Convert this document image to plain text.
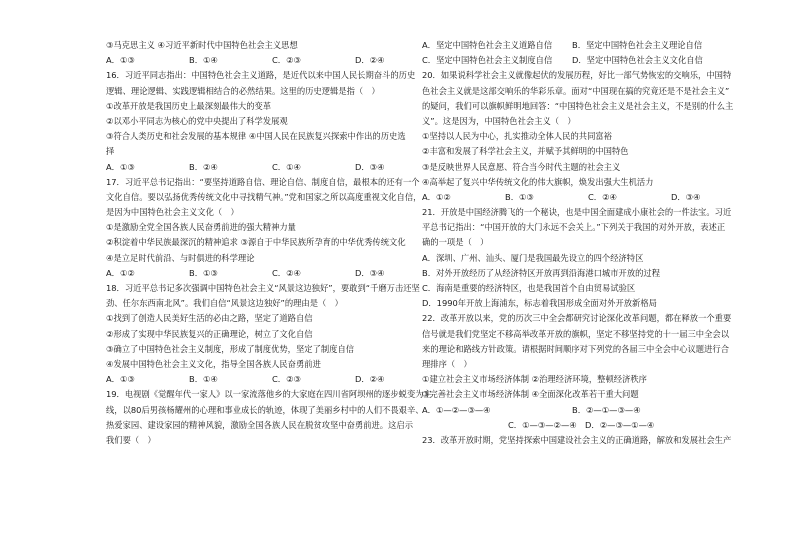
③马克思主义 ④习近平新时代中国特色社会主义思想
A．①③	B．①④	C．②③	D．②④
16．习近平同志指出：中国特色社会主义道路，是近代以来中国人民长期奋斗的历史
逻辑、理论逻辑、实践逻辑相结合的必然结果。这里的历史逻辑是指（　）
①改革开放是我国历史上最深刻最伟大的变革
②以邓小平同志为核心的党中央提出了科学发展观
③符合人类历史和社会发展的基本规律 ④中国人民在民族复兴探索中作出的历史选
择
A．①③	B．②④	C．①④	D．③④
17．习近平总书记指出：“要坚持道路自信、理论自信、制度自信，最根本的还有一个
文化自信。要以弘扬优秀传统文化中寻找精气神。”党和国家之所以高度重视文化自信，
是因为中国特色社会主义文化（　）
①是激励全党全国各族人民奋勇前进的强大精神力量
②积淀着中华民族最深沉的精神追求 ③源自于中华民族所孕育的中华优秀传统文化
④是立足时代前沿、与时俱进的科学理论
A．①②	B．①③	C．②④	D．③④
18．习近平总书记多次强调中国特色社会主义“风景这边独好”，要敢到“千磨万击还坚
劲、任尔东西南北风”。我们自信“风景这边独好”的理由是（　）
①找到了创造人民美好生活的必由之路，坚定了道路自信
②形成了实现中华民族复兴的正确理论，树立了文化自信
③确立了中国特色社会主义制度，形成了制度优势，坚定了制度自信
④发展中国特色社会主义文化，指导全国各族人民奋勇前进
A．①③	B．①④	C．②③	D．②④
19．电视剧《觉醒年代一家人》以一家流落他乡的大家庭在四川省阿坝州的逐步蜕变为主
线，以80后男孩杨耀州的心理和事业成长的轨迹，体现了美丽乡村中的人们不畏艰辛、
热爱家园、建设家园的精神风貌，激励全国各族人民在脱贫攻坚中奋勇前进。这启示
我们要（　）
A．坚定中国特色社会主义道路自信	B．坚定中国特色社会主义理论自信
C．坚定中国特色社会主义制度自信	D．坚定中国特色社会主义文化自信
20．如果说科学社会主义就像起伏的发展历程，好比一部气势恢宏的交响乐，中国特
色社会主义就是这部交响乐的华彩乐章。面对“中国现在搞的究竟还是不是社会主义”
的疑问，我们可以旗帜鲜明地回答：“中国特色社会主义是社会主义，不是别的什么主
义”。这是因为，中国特色社会主义（　）
①坚持以人民为中心，扎实推动全体人民的共同富裕
②丰富和发展了科学社会主义，并赋予其鲜明的中国特色
③是反映世界人民意愿、符合当今时代主题的社会主义
④高举起了复兴中华传统文化的伟大旗帜，焕发出强大生机活力
A．①②	B．①③	C．②④	D．③④
21．开放是中国经济腾飞的一个秘诀，也是中国全面建成小康社会的一件法宝。习近
平总书记指出：“中国开放的大门永远不会关上。”下列关于我国的对外开放，表述正
确的一项是（　）
A．深圳、广州、汕头、厦门是我国最先设立的四个经济特区
B．对外开放经历了从经济特区开放再到沿海港口城市开放的过程
C．海南是重要的经济特区，也是我国首个自由贸易试验区
D．1990年开放上海浦东，标志着我国形成全面对外开放新格局
22．改革开放以来，党的历次三中全会都研究讨论深化改革问题，都在释放一个重要
信号就是我们党坚定不移高举改革开放的旗帜，坚定不移坚持党的十一届三中全会以
来的理论和路线方针政策。请根据时间顺序对下列党的各届三中全会中心议题进行合
理排序（　）
①建立社会主义市场经济体制 ②治理经济环境，整顿经济秩序
③完善社会主义市场经济体制 ④全面深化改革若干重大问题
A．①—②—③—④	B．②—①—③—④
C．①—③—②—④　D．②—③—①—④
23．改革开放时期，党坚持探索中国建设社会主义的正确道路，解放和发展社会生产
